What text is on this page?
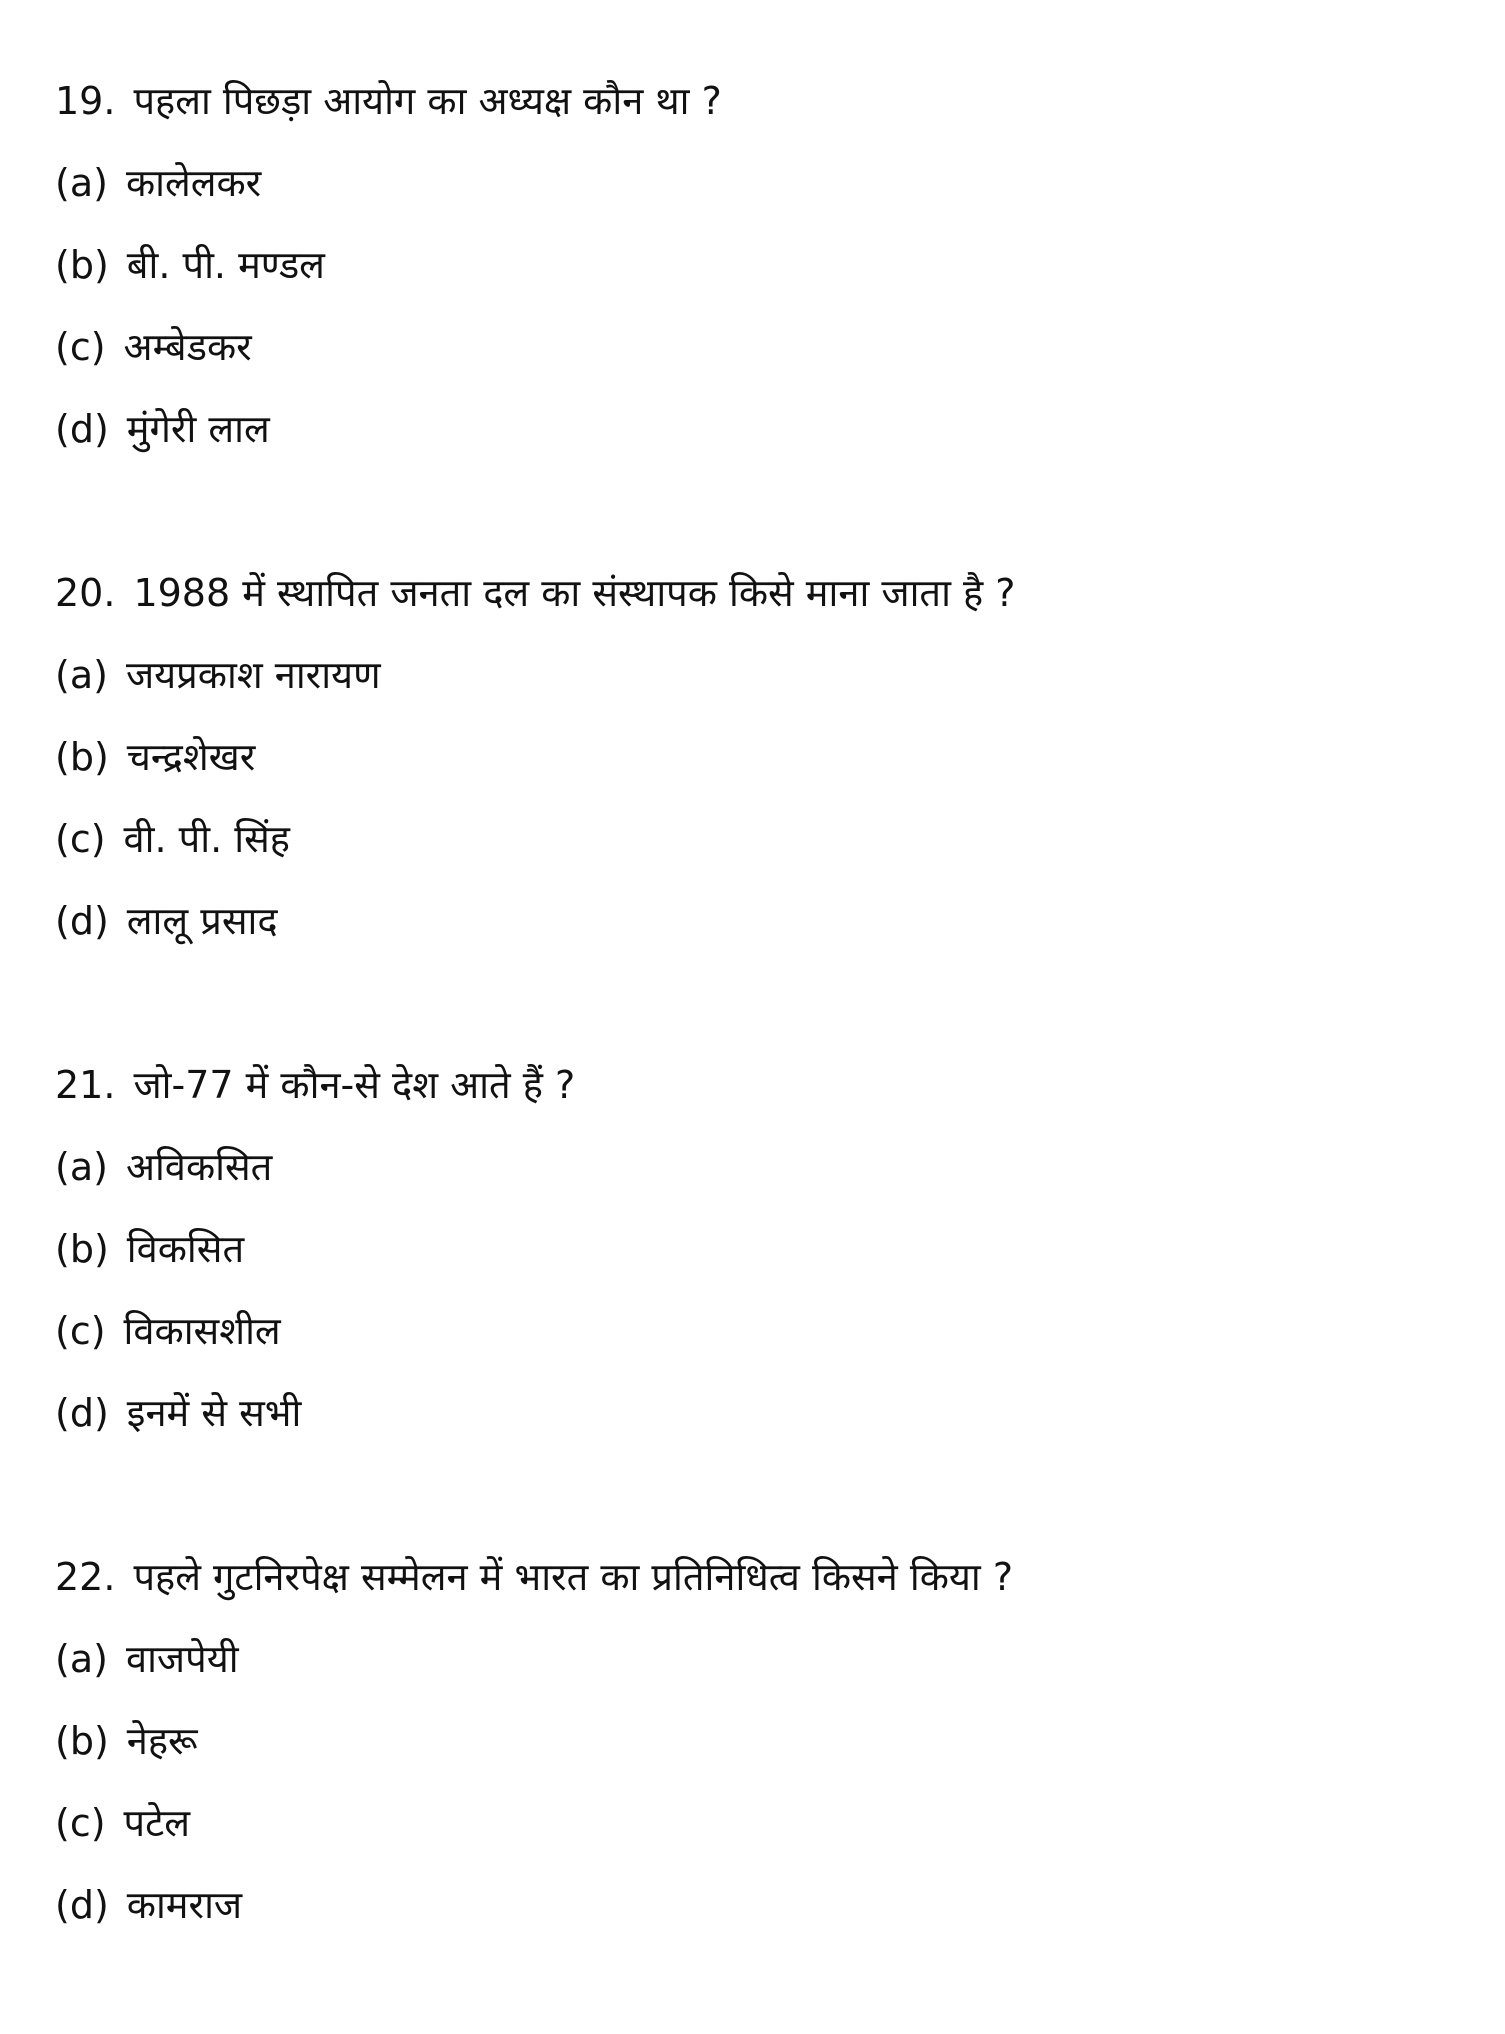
19. पहला पिछड़ा आयोग का अध्यक्ष कौन था ?
(a) कालेलकर
(b) बी. पी. मण्डल
(c) अम्बेडकर
(d) मुंगेरी लाल
20. 1988 में स्थापित जनता दल का संस्थापक किसे माना जाता है ?
(a) जयप्रकाश नारायण
(b) चन्द्रशेखर
(c) वी. पी. सिंह
(d) लालू प्रसाद
21. जो-77 में कौन-से देश आते हैं ?
(a) अविकसित
(b) विकसित
(c) विकासशील
(d) इनमें से सभी
22. पहले गुटनिरपेक्ष सम्मेलन में भारत का प्रतिनिधित्व किसने किया ?
(a) वाजपेयी
(b) नेहरू
(c) पटेल
(d) कामराज
